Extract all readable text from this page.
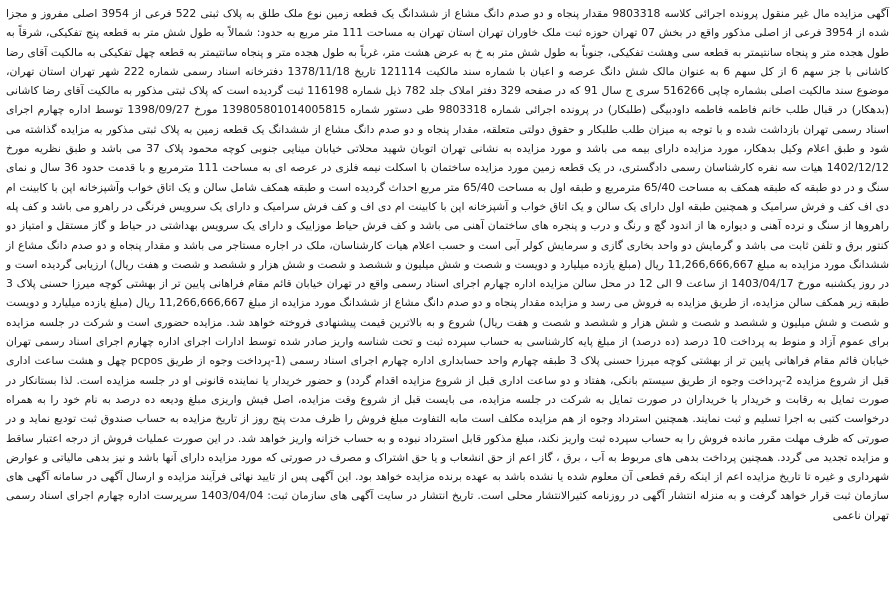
آگهی مزایده مال غیر منقول پرونده اجرائی کلاسه 9803318 مقدار پنجاه و دو صدم دانگ مشاع از ششدانگ یک قطعه زمین نوع ملک طلق به پلاک ثبتی 522 فرعی از 3954 اصلی مفروز و مجزا شده از 3954 فرعی از اصلی مذکور واقع در بخش 07 تهران حوزه ثبت ملک خاوران تهران استان تهران به مساحت 111 متر مربع به حدود: شمالاً به طول شش متر به قطعه پنج تفکیکی، شرقاً به طول هجده متر و پنجاه سانتیمتر به قطعه سی وهشت تفکیکی، جنوباً به طول شش متر به خ به عرض هشت متر، غرباً به طول هجده متر و پنجاه سانتیمتر به قطعه چهل تفکیکی به مالکیت آقای رضا کاشانی با جز سهم 6 از کل سهم 6 به عنوان مالک شش دانگ عرصه و اعیان با شماره سند مالکیت 121114 تاریخ 1378/11/18 دفترخانه اسناد رسمی شماره 222 شهر تهران استان تهران، موضوع سند مالکیت اصلی بشماره چاپی 516266 سری ج سال 91 که در صفحه 329 دفتر املاک جلد 782 ذیل شماره 116198 ثبت گردیده است که پلاک ثبتی مذکور به مالکیت آقای رضا کاشانی (بدهکار) در قبال طلب خانم فاطمه فاطمه داودبیگی (طلبکار) در پرونده اجرائی شماره 9803318 طی دستور شماره 13980580101400581​5 مورخ 1398/09/27 توسط اداره چهارم اجرای اسناد رسمی تهران بازداشت شده و با توجه به میزان طلب طلبکار و حقوق دولتی متعلقه، مقدار پنجاه و دو صدم دانگ مشاع از ششدانگ یک قطعه زمین به پلاک ثبتی مذکور به مزایده گذاشته می شود و طبق اعلام وکیل بدهکار، مورد مزایده دارای بیمه می باشد و مورد مزایده به نشانی تهران اتوبان شهید محلاتی خیابان مینایی جنوبی کوچه محمود پلاک 37 می باشد و طبق نظریه مورخ 1402/12/12 هیات سه نفره کارشناسان رسمی دادگستری، در یک قطعه زمین مورد مزایده ساختمان با اسکلت نیمه فلزی در عرصه ای به مساحت 111 مترمربع و با قدمت حدود 36 سال و نمای سنگ و در دو طبقه که طبقه همکف به مساحت 65/40 مترمربع و طبقه اول به مساحت 65/40 متر مربع احداث گردیده است و طبقه همکف شامل سالن و یک اتاق خواب وآشپزخانه اپن با کابینت ام دی اف کف و فرش سرامیک و همچنین طبقه اول دارای یک سالن و یک اتاق خواب و آشپزخانه اپن با کابینت ام دی اف و کف فرش سرامیک و دارای یک سرویس فرنگی در راهرو می باشد و کف پله راهروها از سنگ و نرده آهنی و دیواره ها از اندود گچ و رنگ و درب و پنجره های ساختمان آهنی می باشد و کف فرش حیاط موزاییک و دارای یک سرویس بهداشتی در حیاط و گاز مستقل و امتیاز دو کنتور برق و تلفن ثابت می باشد و گرمایش دو واحد بخاری گازی و سرمایش کولر آبی است و حسب اعلام هیات کارشناسان، ملک در اجاره مستاجر می باشد و مقدار پنجاه و دو صدم دانگ مشاع از ششدانگ مورد مزایده به مبلغ 11,266,666,667 ریال (مبلغ یازده میلیارد و دویست و شصت و شش میلیون و ششصد و شصت و شش هزار و ششصد و شصت و هفت ریال) ارزیابی گردیده است و در روز یکشنبه مورخ 1403/04/17 از ساعت 9 الی 12 در محل سالن مزایده اداره چهارم اجرای اسناد رسمی واقع در تهران خیابان قائم مقام فراهانی پایین تر از بهشتی کوچه میرزا حسنی پلاک 3 طبقه زیر همکف سالن مزایده، از طریق مزایده به فروش می رسد و مزایده مقدار پنجاه و دو صدم دانگ مشاع از ششدانگ مورد مزایده از مبلغ 11,266,666,667 ریال (مبلغ یازده میلیارد و دویست و شصت و شش میلیون و ششصد و شصت و شش هزار و ششصد و شصت و هفت ریال) شروع و به بالاترین قیمت پیشنهادی فروخته خواهد شد. مزایده حضوری است و شرکت در جلسه مزایده برای عموم آزاد و منوط به پرداخت 10 درصد (ده درصد) از مبلغ پایه کارشناسی به حساب سپرده ثبت و تحت شناسه واریز صادر شده توسط ادارات اجرای اداره چهارم اجرای اسناد رسمی تهران خیابان قائم مقام فراهانی پایین تر از بهشتی کوچه میرزا حسنی پلاک 3 طبقه چهارم واحد حسابداری اداره چهارم اجرای اسناد رسمی (1-پرداخت وجوه از طریق pcpos چهل و هشت ساعت اداری قبل از شروع مزایده 2-پرداخت وجوه از طریق سیستم بانکی، هفتاد و دو ساعت اداری قبل از شروع مزایده اقدام گردد) و حضور خریدار یا نماینده قانونی او در جلسه مزایده است. لذا بستانکار در صورت تمایل به رقابت و خریدار یا خریداران در صورت تمایل به شرکت در جلسه مزایده، می بایست قبل از شروع وقت مزایده، اصل فیش واریزی مبلغ ودیعه ده درصد به نام خود را به همراه درخواست کتبی به اجرا تسلیم و ثبت نمایند. همچنین استرداد وجوه از هم مزایده مکلف است مابه التفاوت مبلغ فروش را ظرف مدت پنج روز از تاریخ مزایده به حساب صندوق ثبت تودیع نماید و در صورتی که ظرف مهلت مقرر مانده فروش را به حساب سپرده ثبت واریز نکند، مبلغ مذکور قابل استرداد نبوده و به حساب خزانه واریز خواهد شد. در این صورت عملیات فروش از درجه اعتبار ساقط و مزایده تجدید می گردد. همچنین پرداخت بدهی های مربوط به آب ، برق ، گاز اعم از حق انشعاب و یا حق اشتراک و مصرف در صورتی که مورد مزایده دارای آنها باشد و نیز بدهی مالیاتی و عوارض شهرداری و غیره تا تاریخ مزایده اعم از اینکه رقم قطعی آن معلوم شده یا نشده باشد به عهده برنده مزایده خواهد بود. این آگهی پس از تایید نهائی فرآیند مزایده و ارسال آگهی در سامانه آگهی های سازمان ثبت قرار خواهد گرفت و به منزله انتشار آگهی در روزنامه کثیرالانتشار محلی است. تاریخ انتشار در سایت آگهی های سازمان ثبت: 1403/04/04 سرپرست اداره چهارم اجرای اسناد رسمی تهران ناعمی
